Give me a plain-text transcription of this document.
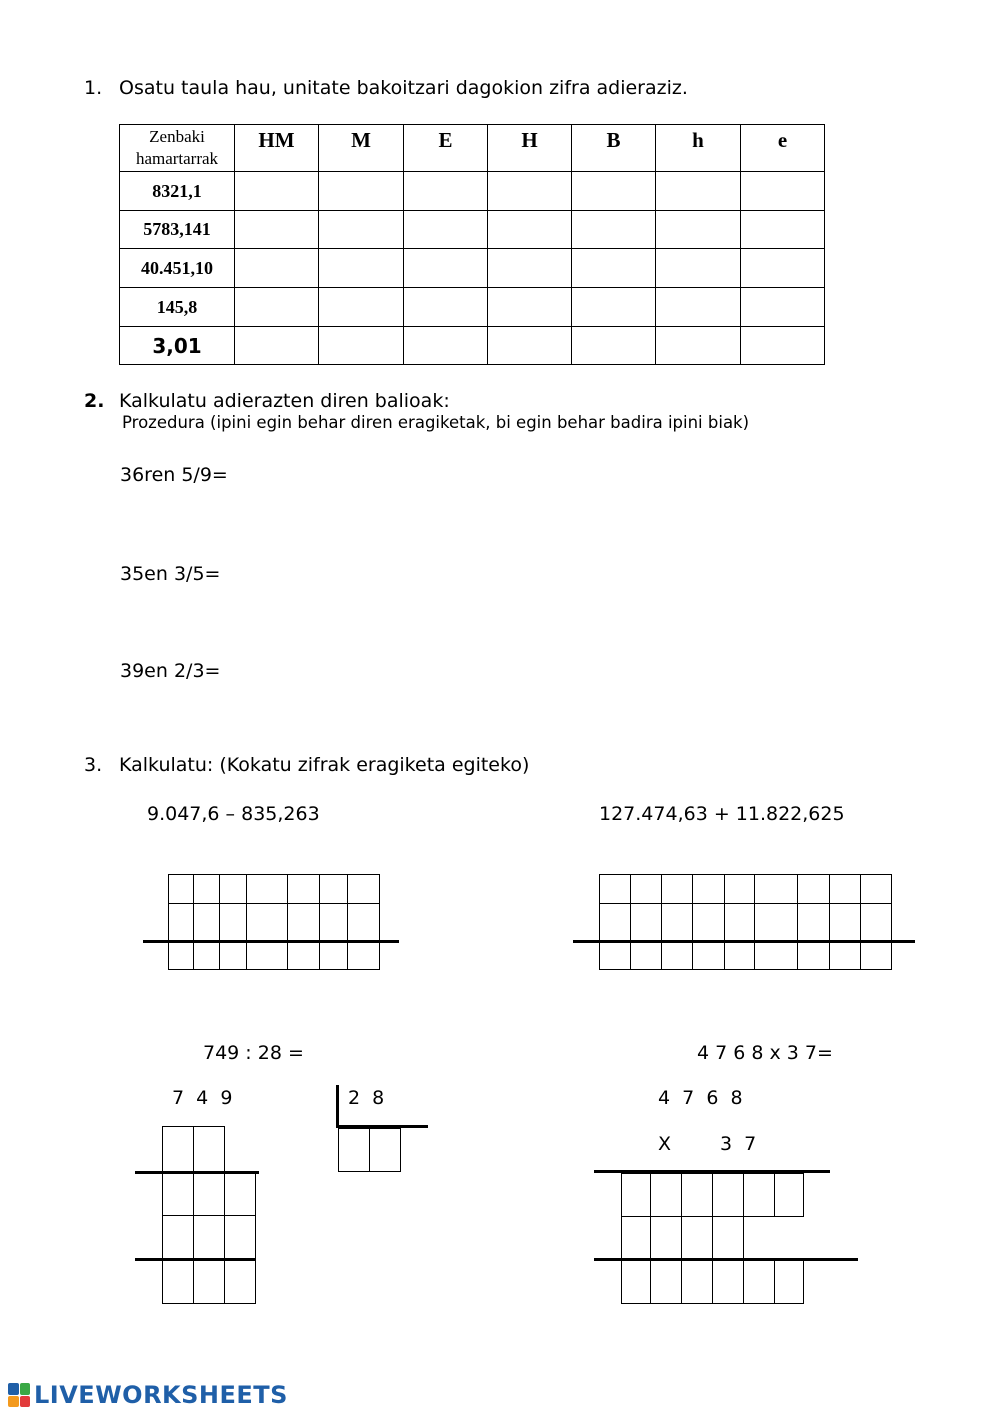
1. Osatu taula hau, unitate bakoitzari dagokion zifra adieraziz.
Zenbaki
hamartarrak	HM	M	E	H	B	h	e
8321,1							
5783,141							
40.451,10							
145,8							
3,01							
2. Kalkulatu adierazten diren balioak:
Prozedura (ipini egin behar diren eragiketak, bi egin behar badira ipini biak)
36ren 5/9=
35en 3/5=
39en 2/3=
3. Kalkulatu: (Kokatu zifrak eragiketa egiteko)
9.047,6 – 835,263	127.474,63 + 11.822,625
749 : 28 =	4 7 6 8 x 3 7=
7  4  9	2  8	4  7  6  8
X	3  7
LIVEWORKSHEETS
